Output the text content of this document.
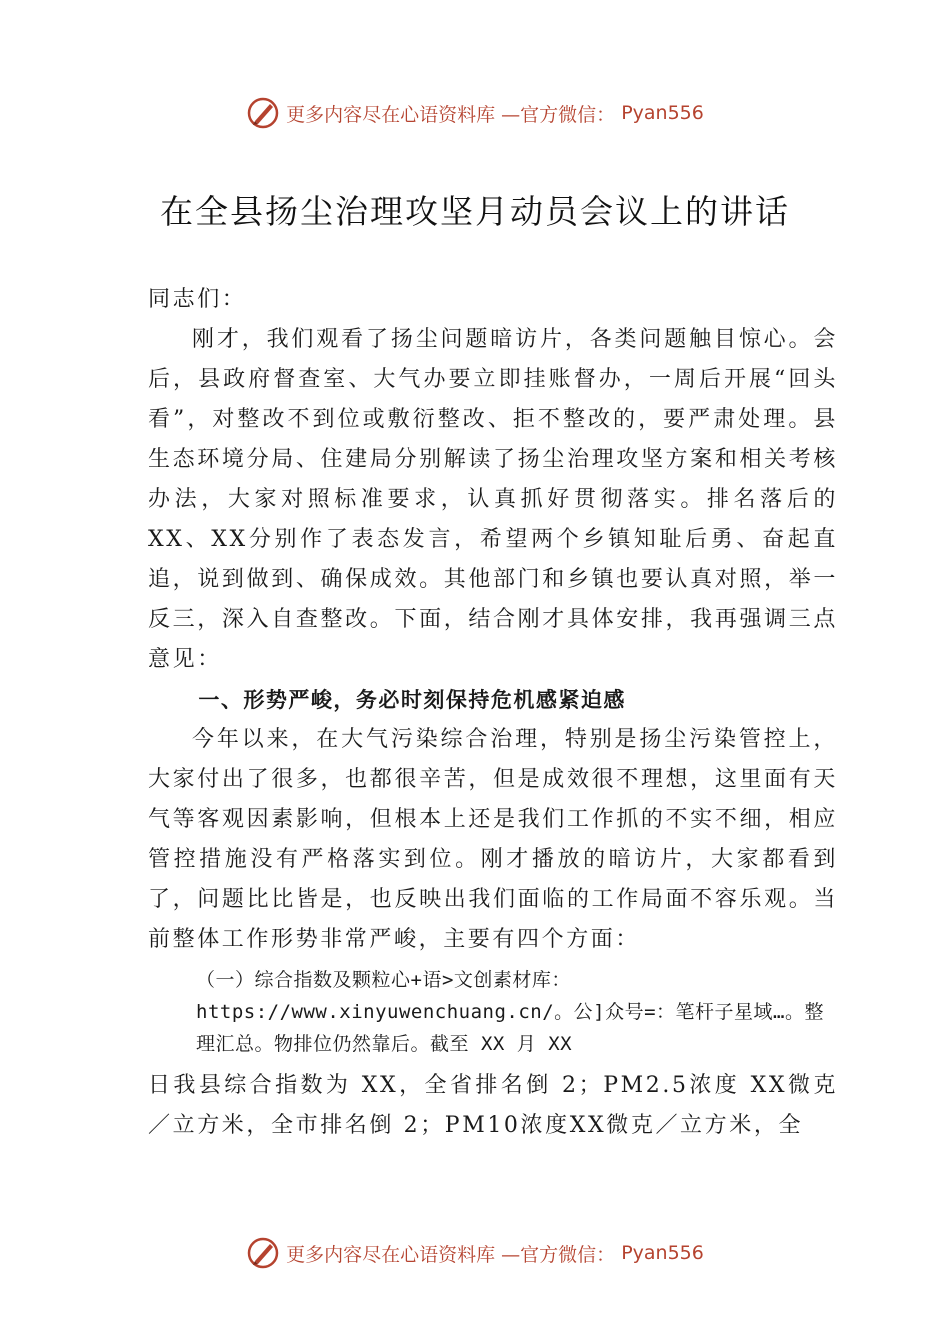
更多内容尽在心语资料库 —官方微信： Pyan556
在全县扬尘治理攻坚月动员会议上的讲话

同志们：

刚才，我们观看了扬尘问题暗访片，各类问题触目惊心。会后，县政府督查室、大气办要立即挂账督办，一周后开展“回头看”，对整改不到位或敷衍整改、拒不整改的，要严肃处理。县生态环境分局、住建局分别解读了扬尘治理攻坚方案和相关考核办法，大家对照标准要求，认真抓好贯彻落实。排名落后的XX、XX分别作了表态发言，希望两个乡镇知耻后勇、奋起直追，说到做到、确保成效。其他部门和乡镇也要认真对照，举一反三，深入自查整改。下面，结合刚才具体安排，我再强调三点意见：

一、形势严峻，务必时刻保持危机感紧迫感

今年以来，在大气污染综合治理，特别是扬尘污染管控上，大家付出了很多，也都很辛苦，但是成效很不理想，这里面有天气等客观因素影响，但根本上还是我们工作抓的不实不细，相应管控措施没有严格落实到位。刚才播放的暗访片，大家都看到了，问题比比皆是，也反映出我们面临的工作局面不容乐观。当前整体工作形势非常严峻，主要有四个方面：

（一）综合指数及颗粒心+语>文创素材库：https://www.xinyuwenchuang.cn/。公]众号=：笔杆子星域…。整理汇总。物排位仍然靠后。截至 XX 月 XX

日我县综合指数为 XX，全省排名倒 2；PM2.5浓度 XX微克／立方米，全市排名倒 2；PM10浓度XX微克／立方米，全

更多内容尽在心语资料库 —官方微信： Pyan556
